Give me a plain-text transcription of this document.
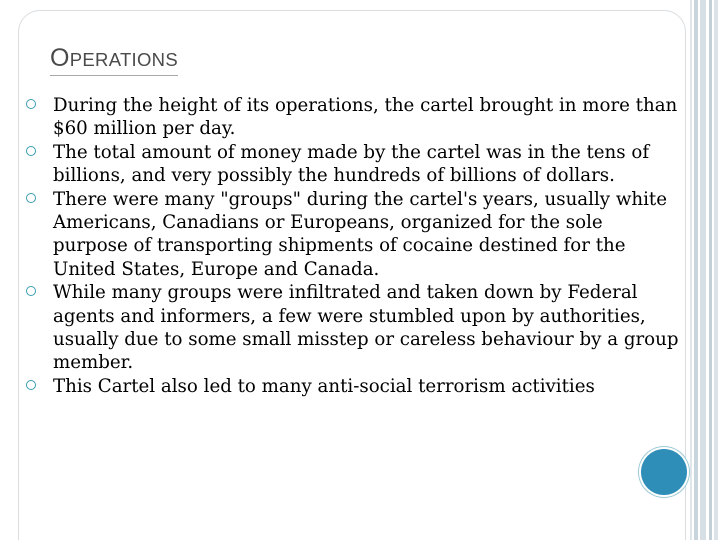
OPERATIONS
During the height of its operations, the cartel brought in more than $60 million per day.
The total amount of money made by the cartel was in the tens of billions, and very possibly the hundreds of billions of dollars.
There were many "groups" during the cartel's years, usually white Americans, Canadians or Europeans, organized for the sole purpose of transporting shipments of cocaine destined for the United States, Europe and Canada.
While many groups were infiltrated and taken down by Federal agents and informers, a few were stumbled upon by authorities, usually due to some small misstep or careless behaviour by a group member.
This Cartel also led to many anti-social terrorism activities
